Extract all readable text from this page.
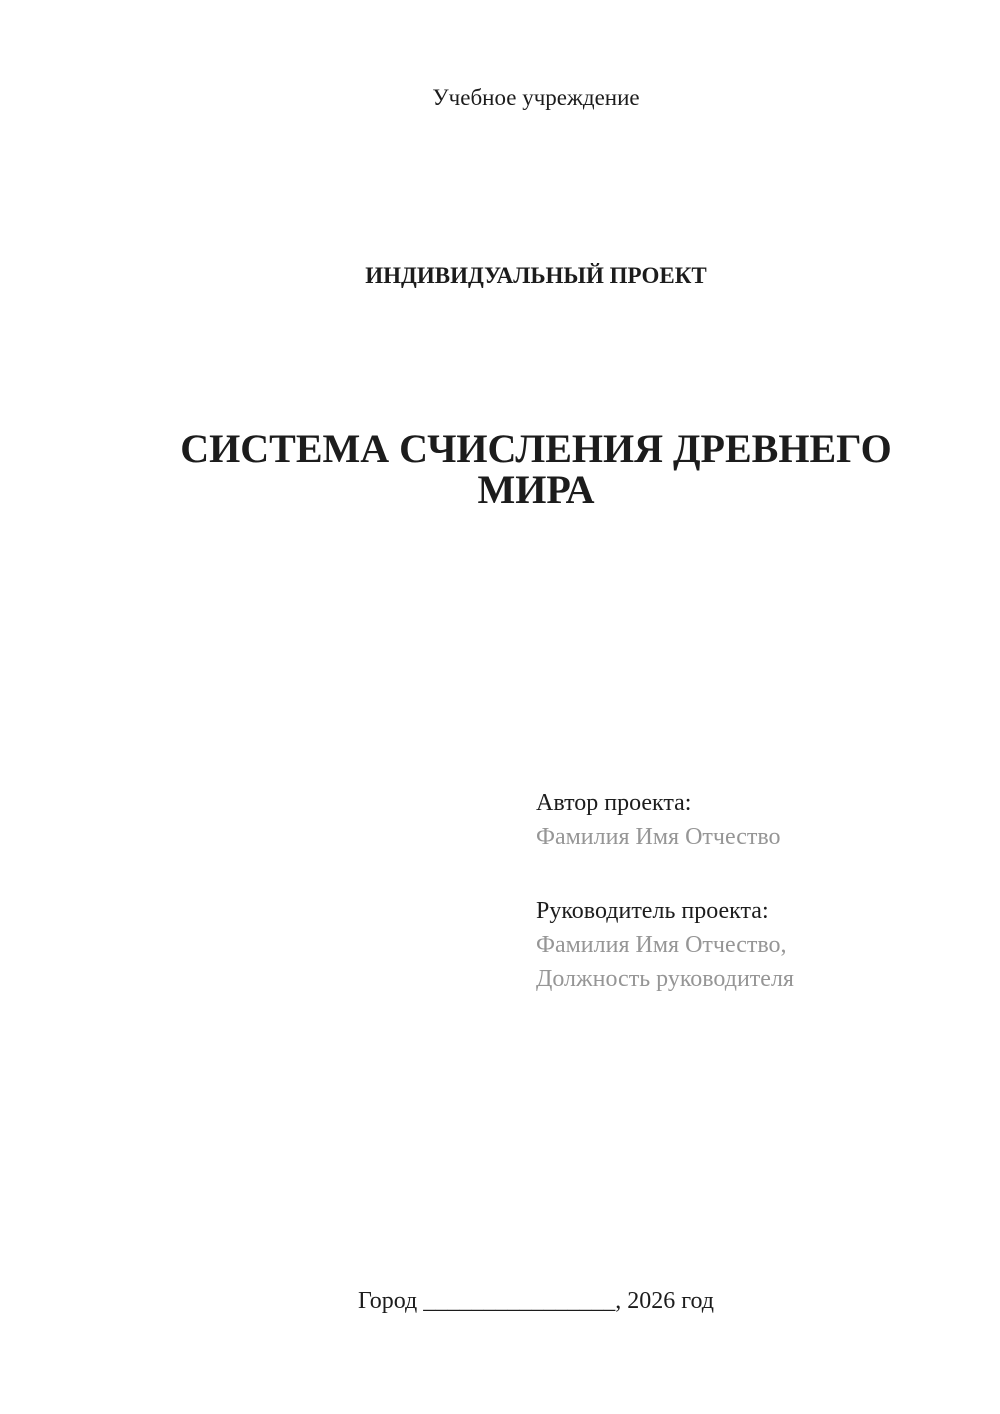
Учебное учреждение
ИНДИВИДУАЛЬНЫЙ ПРОЕКТ
СИСТЕМА СЧИСЛЕНИЯ ДРЕВНЕГО МИРА
Автор проекта:
Фамилия Имя Отчество
Руководитель проекта:
Фамилия Имя Отчество,
Должность руководителя
Город ________________, 2026 год
